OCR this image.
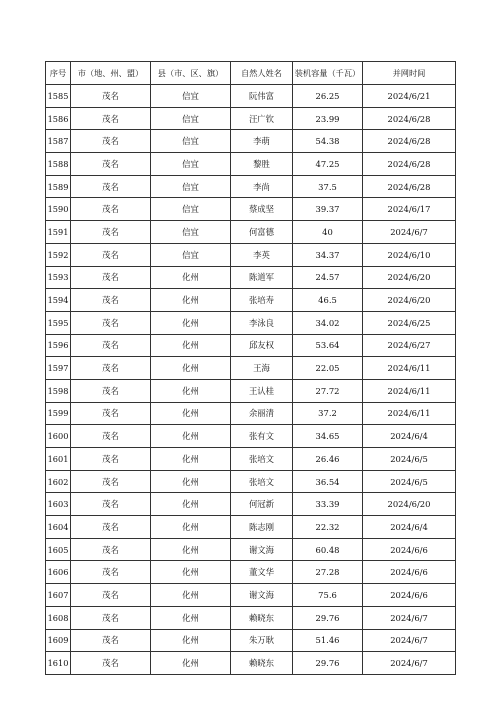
序号	市（地、州、盟）	县（市、区、旗）	自然人姓名	装机容量（千瓦）	并网时间
1585	茂名	信宜	阮伟富	26.25	2024/6/21
1586	茂名	信宜	汪广钦	23.99	2024/6/28
1587	茂名	信宜	李萌	54.38	2024/6/28
1588	茂名	信宜	黎胜	47.25	2024/6/28
1589	茂名	信宜	李尚	37.5	2024/6/28
1590	茂名	信宜	蔡成坚	39.37	2024/6/17
1591	茂名	信宜	何富德	40	2024/6/7
1592	茂名	信宜	李英	34.37	2024/6/10
1593	茂名	化州	陈道军	24.57	2024/6/20
1594	茂名	化州	张培寿	46.5	2024/6/20
1595	茂名	化州	李泳良	34.02	2024/6/25
1596	茂名	化州	邱友权	53.64	2024/6/27
1597	茂名	化州	王海	22.05	2024/6/11
1598	茂名	化州	王认桂	27.72	2024/6/11
1599	茂名	化州	余丽清	37.2	2024/6/11
1600	茂名	化州	张有文	34.65	2024/6/4
1601	茂名	化州	张培文	26.46	2024/6/5
1602	茂名	化州	张培文	36.54	2024/6/5
1603	茂名	化州	何冠新	33.39	2024/6/20
1604	茂名	化州	陈志刚	22.32	2024/6/4
1605	茂名	化州	谢文海	60.48	2024/6/6
1606	茂名	化州	董文华	27.28	2024/6/6
1607	茂名	化州	谢文海	75.6	2024/6/6
1608	茂名	化州	赖晓东	29.76	2024/6/7
1609	茂名	化州	朱万耿	51.46	2024/6/7
1610	茂名	化州	赖晓东	29.76	2024/6/7
